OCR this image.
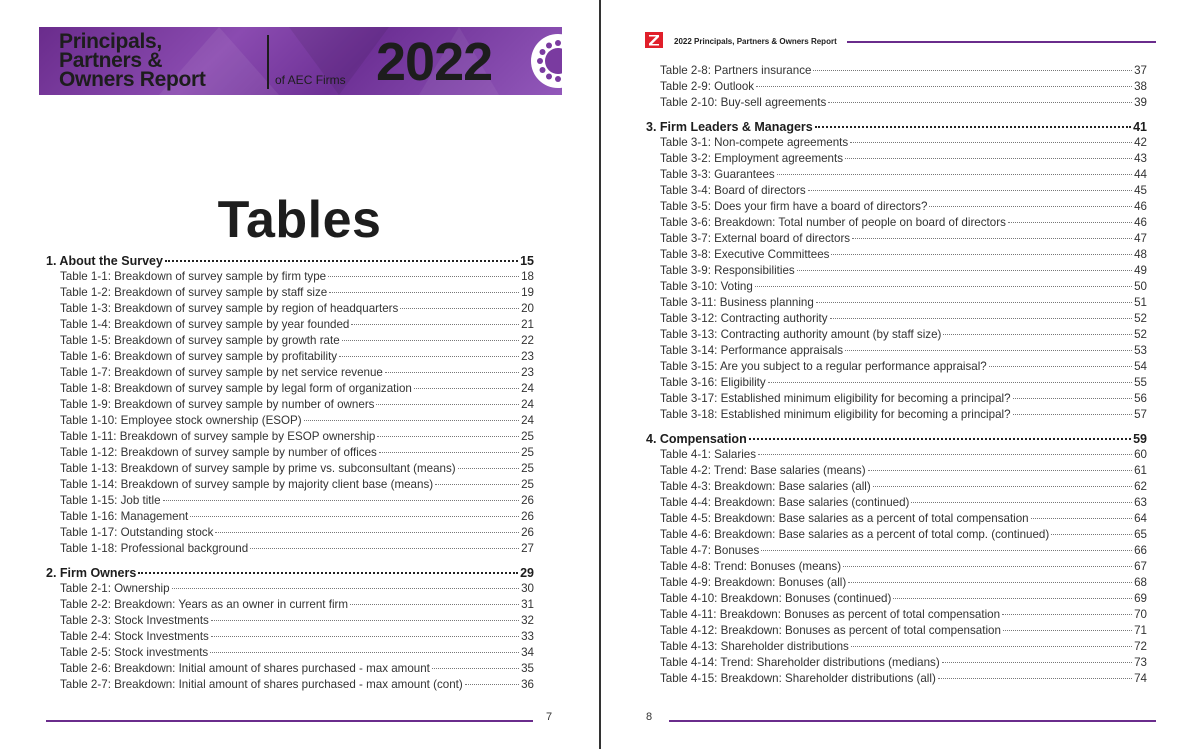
Principals,
Partners &
Owners Report	of AEC Firms 2022
Tables
1. About the Survey	15
Table 1-1: Breakdown of survey sample by firm type	18
Table 1-2: Breakdown of survey sample by staff size	19
Table 1-3: Breakdown of survey sample by region of headquarters	20
Table 1-4: Breakdown of survey sample by year founded	21
Table 1-5: Breakdown of survey sample by growth rate	22
Table 1-6: Breakdown of survey sample by profitability	23
Table 1-7: Breakdown of survey sample by net service revenue	23
Table 1-8: Breakdown of survey sample by legal form of organization	24
Table 1-9: Breakdown of survey sample by number of owners	24
Table 1-10: Employee stock ownership (ESOP)	24
Table 1-11: Breakdown of survey sample by ESOP ownership	25
Table 1-12: Breakdown of survey sample by number of offices	25
Table 1-13: Breakdown of survey sample by prime vs. subconsultant (means)	25
Table 1-14: Breakdown of survey sample by majority client base (means)	25
Table 1-15: Job title	26
Table 1-16: Management	26
Table 1-17: Outstanding stock	26
Table 1-18: Professional background	27
2. Firm Owners	29
Table 2-1: Ownership	30
Table 2-2: Breakdown: Years as an owner in current firm	31
Table 2-3: Stock Investments	32
Table 2-4: Stock Investments	33
Table 2-5: Stock investments	34
Table 2-6: Breakdown: Initial amount of shares purchased - max amount	35
Table 2-7: Breakdown: Initial amount of shares purchased - max amount (cont)	36
7
2022 Principals, Partners & Owners Report
Table 2-8: Partners insurance	37
Table 2-9: Outlook	38
Table 2-10: Buy-sell agreements	39
3. Firm Leaders & Managers	41
Table 3-1: Non-compete agreements	42
Table 3-2: Employment agreements	43
Table 3-3: Guarantees	44
Table 3-4: Board of directors	45
Table 3-5: Does your firm have a board of directors?	46
Table 3-6: Breakdown: Total number of people on board of directors	46
Table 3-7: External board of directors	47
Table 3-8: Executive Committees	48
Table 3-9: Responsibilities	49
Table 3-10: Voting	50
Table 3-11: Business planning	51
Table 3-12: Contracting authority	52
Table 3-13: Contracting authority amount (by staff size)	52
Table 3-14: Performance appraisals	53
Table 3-15: Are you subject to a regular performance appraisal?	54
Table 3-16: Eligibility	55
Table 3-17: Established minimum eligibility for becoming a principal?	56
Table 3-18: Established minimum eligibility for becoming a principal?	57
4. Compensation	59
Table 4-1: Salaries	60
Table 4-2: Trend: Base salaries (means)	61
Table 4-3: Breakdown: Base salaries (all)	62
Table 4-4: Breakdown: Base salaries (continued)	63
Table 4-5: Breakdown: Base salaries as a percent of total compensation	64
Table 4-6: Breakdown: Base salaries as a percent of total comp. (continued)	65
Table 4-7: Bonuses	66
Table 4-8: Trend: Bonuses (means)	67
Table 4-9: Breakdown: Bonuses (all)	68
Table 4-10: Breakdown: Bonuses (continued)	69
Table 4-11: Breakdown: Bonuses as percent of total compensation	70
Table 4-12: Breakdown: Bonuses as percent of total compensation	71
Table 4-13: Shareholder distributions	72
Table 4-14: Trend: Shareholder distributions (medians)	73
Table 4-15: Breakdown: Shareholder distributions (all)	74
8
